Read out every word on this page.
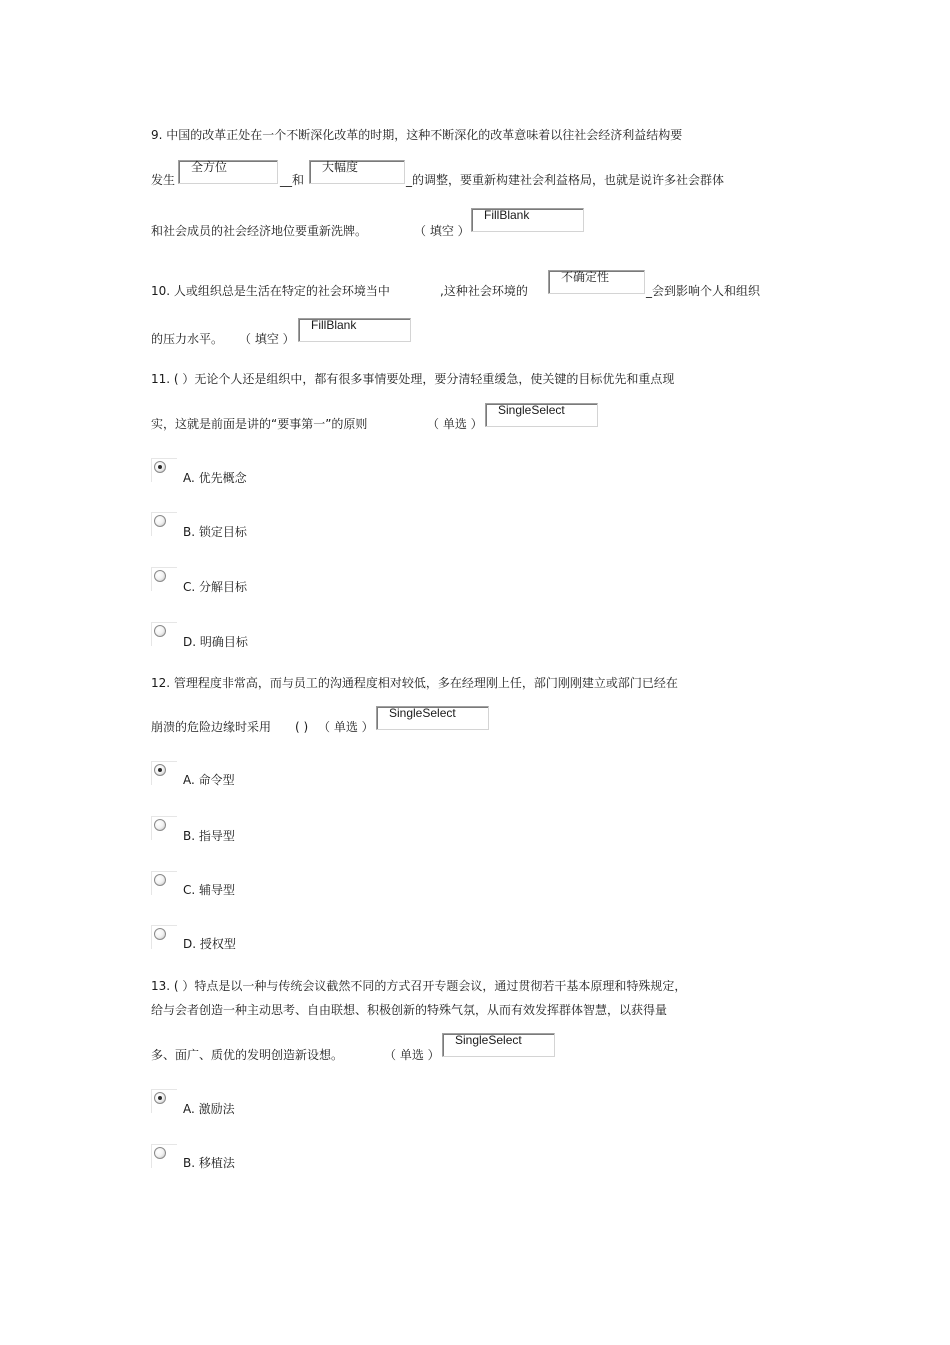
9. 中国的改革正处在一个不断深化改革的时期，这种不断深化的改革意味着以往社会经济利益结构要
发生
全方位
__和
大幅度
_的调整，要重新构建社会利益格局，也就是说许多社会群体
和社会成员的社会经济地位要重新洗牌。	（ 填空 ）
FillBlank
10. 人或组织总是生活在特定的社会环境当中	,这种社会环境的
不确定性
_会到影响个人和组织
的压力水平。 （ 填空 ）
FillBlank
11. ( ）无论个人还是组织中，都有很多事情要处理，要分清轻重缓急，使关键的目标优先和重点现
实，这就是前面是讲的“要事第一”的原则	（ 单选 ）
SingleSelect
A. 优先概念
B. 锁定目标
C. 分解目标
D. 明确目标
12. 管理程度非常高，而与员工的沟通程度相对较低，多在经理刚上任，部门刚刚建立或部门已经在
崩溃的危险边缘时采用 ( ) （ 单选 ）
SingleSelect
A. 命令型
B. 指导型
C. 辅导型
D. 授权型
13. ( ）特点是以一种与传统会议截然不同的方式召开专题会议，通过贯彻若干基本原理和特殊规定，
给与会者创造一种主动思考、自由联想、积极创新的特殊气氛，从而有效发挥群体智慧，以获得量
多、面广、质优的发明创造新设想。	（ 单选 ）
SingleSelect
A. 激励法
B. 移植法
